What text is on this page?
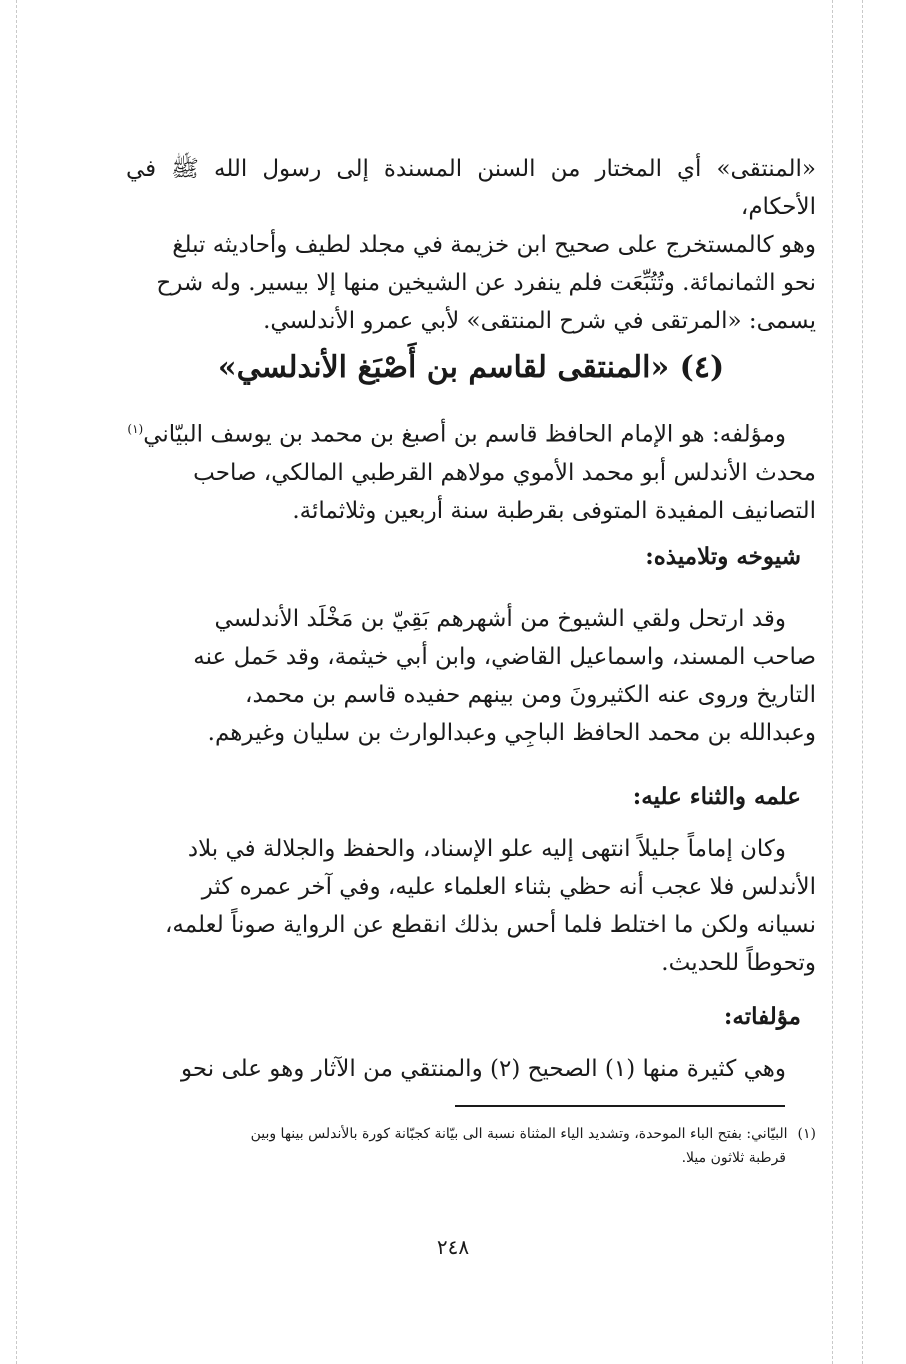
«المنتقى» أي المختار من السنن المسندة إلى رسول الله ﷺ في الأحكام،

وهو كالمستخرج على صحيح ابن خزيمة في مجلد لطيف وأحاديثه تبلغ

نحو الثمانمائة. وتُتُبِّعَت فلم ينفرد عن الشيخين منها إلا بيسير. وله شرح

يسمى: «المرتقى في شرح المنتقى» لأبي عمرو الأندلسي.

(٤) «المنتقى لقاسم بن أَصْبَغ الأندلسي»

ومؤلفه: هو الإمام الحافظ قاسم بن أصبغ بن محمد بن يوسف البيّاني$^{(١)}$

محدث الأندلس أبو محمد الأموي مولاهم القرطبي المالكي، صاحب

التصانيف المفيدة المتوفى بقرطبة سنة أربعين وثلاثمائة.

شيوخه وتلاميذه:

وقد ارتحل ولقي الشيوخ من أشهرهم بَقِيّ بن مَخْلَد الأندلسي

صاحب المسند، واسماعيل القاضي، وابن أبي خيثمة، وقد حَمل عنه

التاريخ وروى عنه الكثيرونَ ومن بينهم حفيده قاسم بن محمد،

وعبدالله بن محمد الحافظ الباجِي وعبدالوارث بن سليان وغيرهم.

علمه والثناء عليه:

وكان إماماً جليلاً انتهى إليه علو الإسناد، والحفظ والجلالة في بلاد

الأندلس فلا عجب أنه حظي بثناء العلماء عليه، وفي آخر عمره كثر

نسيانه ولكن ما اختلط فلما أحس بذلك انقطع عن الرواية صوناً لعلمه،

وتحوطاً للحديث.

مؤلفاته:

وهي كثيرة منها (١) الصحيح (٢) والمنتقي من الآثار وهو على نحو

(١)البيّاني: بفتح الباء الموحدة، وتشديد الياء المثناة نسبة الى بيّانة كجبّانة كورة بالأندلس بينها وبين
قرطبة ثلاثون ميلا.
٢٤٨
